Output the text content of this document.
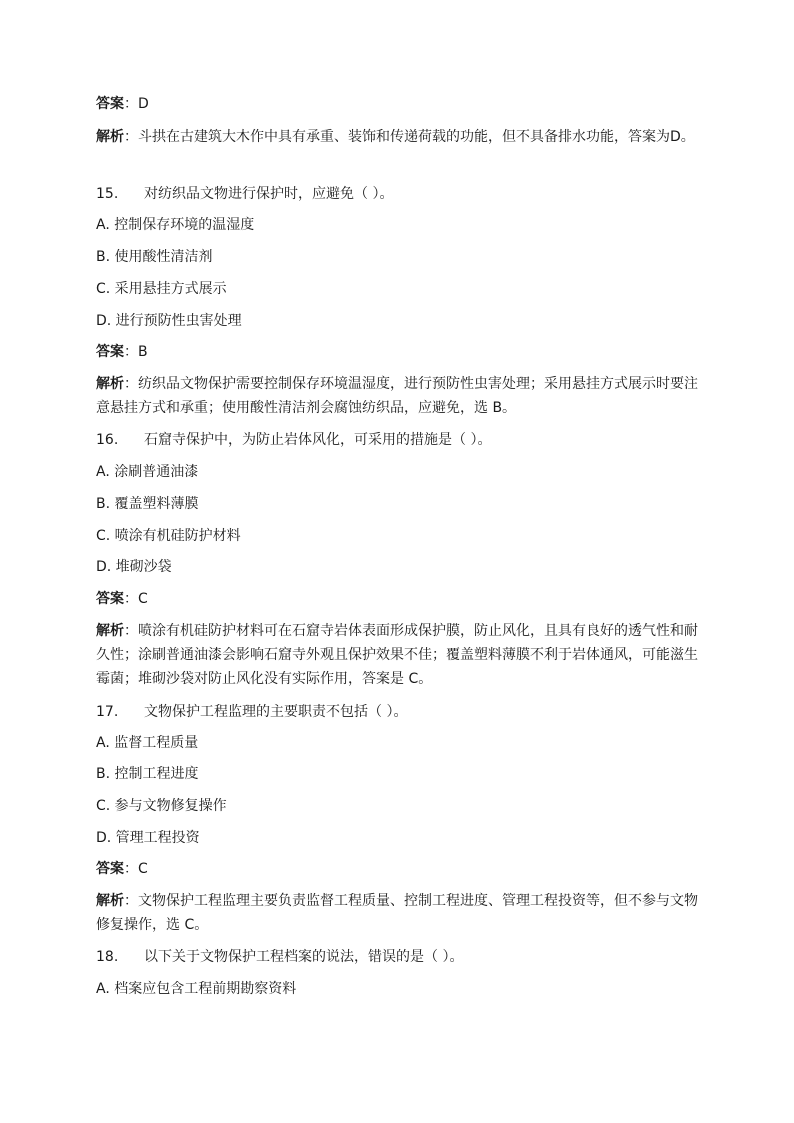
答案：D
解析：斗拱在古建筑大木作中具有承重、装饰和传递荷载的功能，但不具备排水功能，答案为D。
15. 对纺织品文物进行保护时，应避免（ ）。
A. 控制保存环境的温湿度
B. 使用酸性清洁剂
C. 采用悬挂方式展示
D. 进行预防性虫害处理
答案：B
解析：纺织品文物保护需要控制保存环境温湿度，进行预防性虫害处理；采用悬挂方式展示时要注意悬挂方式和承重；使用酸性清洁剂会腐蚀纺织品，应避免，选 B。
16. 石窟寺保护中，为防止岩体风化，可采用的措施是（ ）。
A. 涂刷普通油漆
B. 覆盖塑料薄膜
C. 喷涂有机硅防护材料
D. 堆砌沙袋
答案：C
解析：喷涂有机硅防护材料可在石窟寺岩体表面形成保护膜，防止风化，且具有良好的透气性和耐久性；涂刷普通油漆会影响石窟寺外观且保护效果不佳；覆盖塑料薄膜不利于岩体通风，可能滋生霉菌；堆砌沙袋对防止风化没有实际作用，答案是 C。
17. 文物保护工程监理的主要职责不包括（ ）。
A. 监督工程质量
B. 控制工程进度
C. 参与文物修复操作
D. 管理工程投资
答案：C
解析：文物保护工程监理主要负责监督工程质量、控制工程进度、管理工程投资等，但不参与文物修复操作，选 C。
18. 以下关于文物保护工程档案的说法，错误的是（ ）。
A. 档案应包含工程前期勘察资料
